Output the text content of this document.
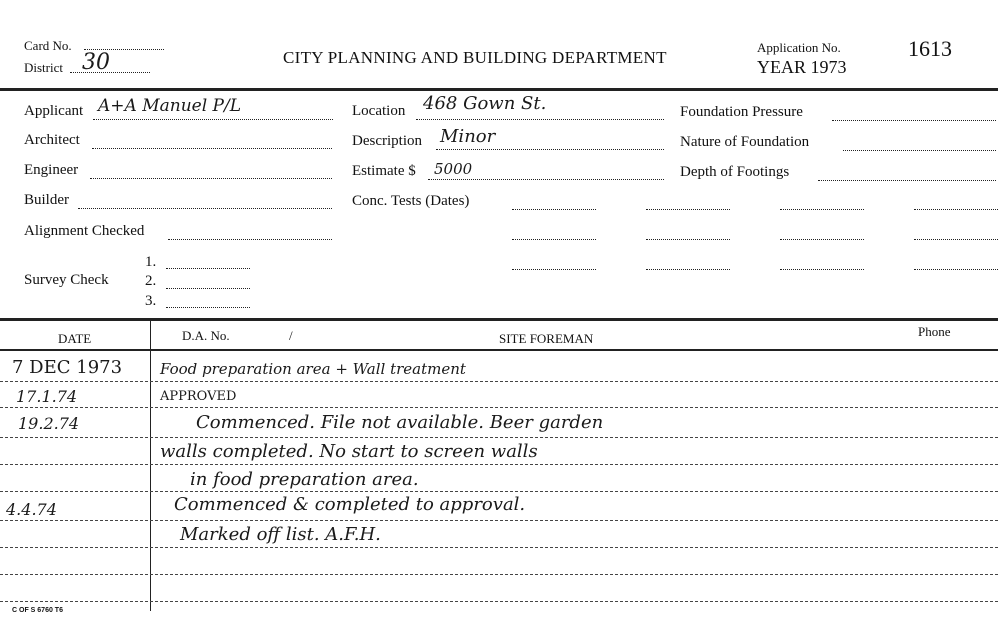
Card No.
District 30	CITY PLANNING AND BUILDING DEPARTMENT
Application No.
YEAR 1973
1613
Applicant A+A Manuel P/L
Architect
Engineer
Builder
Alignment Checked
Survey Check
1.
2.
3.
Location 468 Gown St.
Description Minor
Estimate $ 5000
Conc. Tests (Dates)
Foundation Pressure
Nature of Foundation
Depth of Footings
DATE	D.A. No.	/	SITE FOREMAN	Phone
7 DEC 1973	Food preparation area + Wall treatment
17.1.74	APPROVED
19.2.74	Commenced. File not available. Beer garden
walls completed. No start to screen walls
in food preparation area.
4.4.74	Commenced & completed to approval.
Marked off list. A.F.H.
C OF S 6760 T6
